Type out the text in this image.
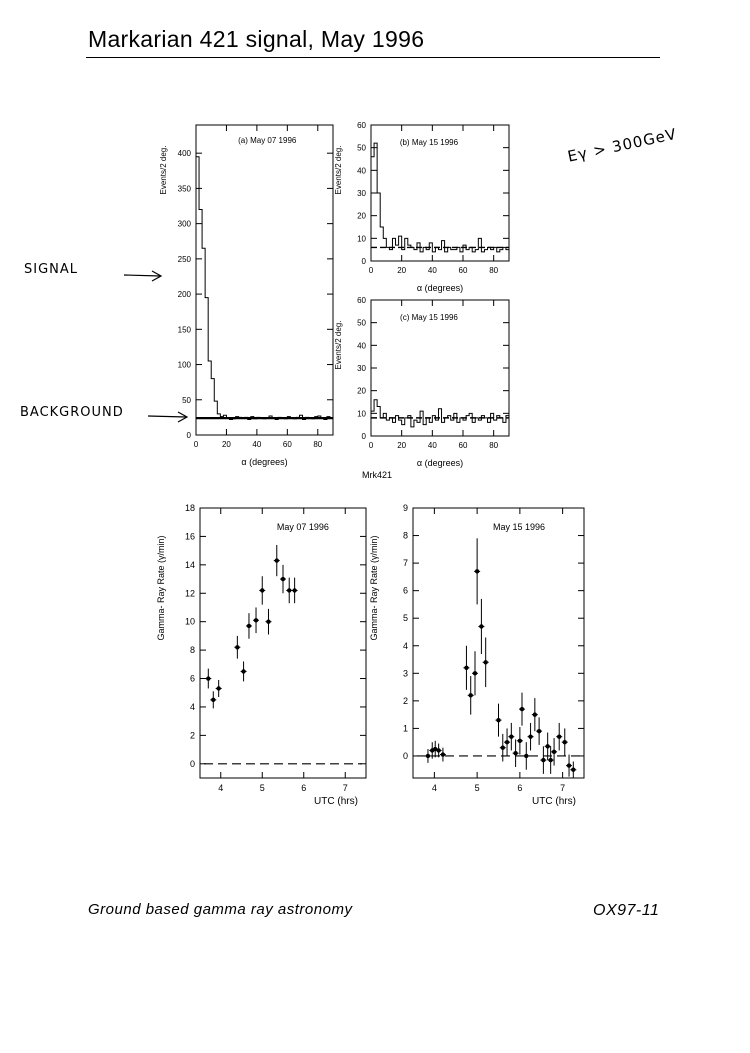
Markarian 421 signal, May 1996
SIGNAL
BACKGROUND
Eγ > 300GeV
Mrk421
Ground based gamma ray astronomy	OX97-11
0	20	40	60	80
0
50
100
150
200
250
300
350
400
(a) May 07 1996
α (degrees)
Events/2 deg.
0	20	40	60	80
0
10
20
30
40
50
60
(b) May 15 1996
α (degrees)
Events/2 deg.
0	20	40	60	80
0
10
20
30
40
50
60
(c) May 15 1996
α (degrees)
Events/2 deg.
4	5	6	7
0
2
4
6
8
10
12
14
16
18
May 07 1996
UTC (hrs)
Gamma- Ray Rate (γ/min)
4	5	6	7
0
1
2
3
4
5
6
7
8
9
May 15 1996
UTC (hrs)
Gamma- Ray Rate (γ/min)
